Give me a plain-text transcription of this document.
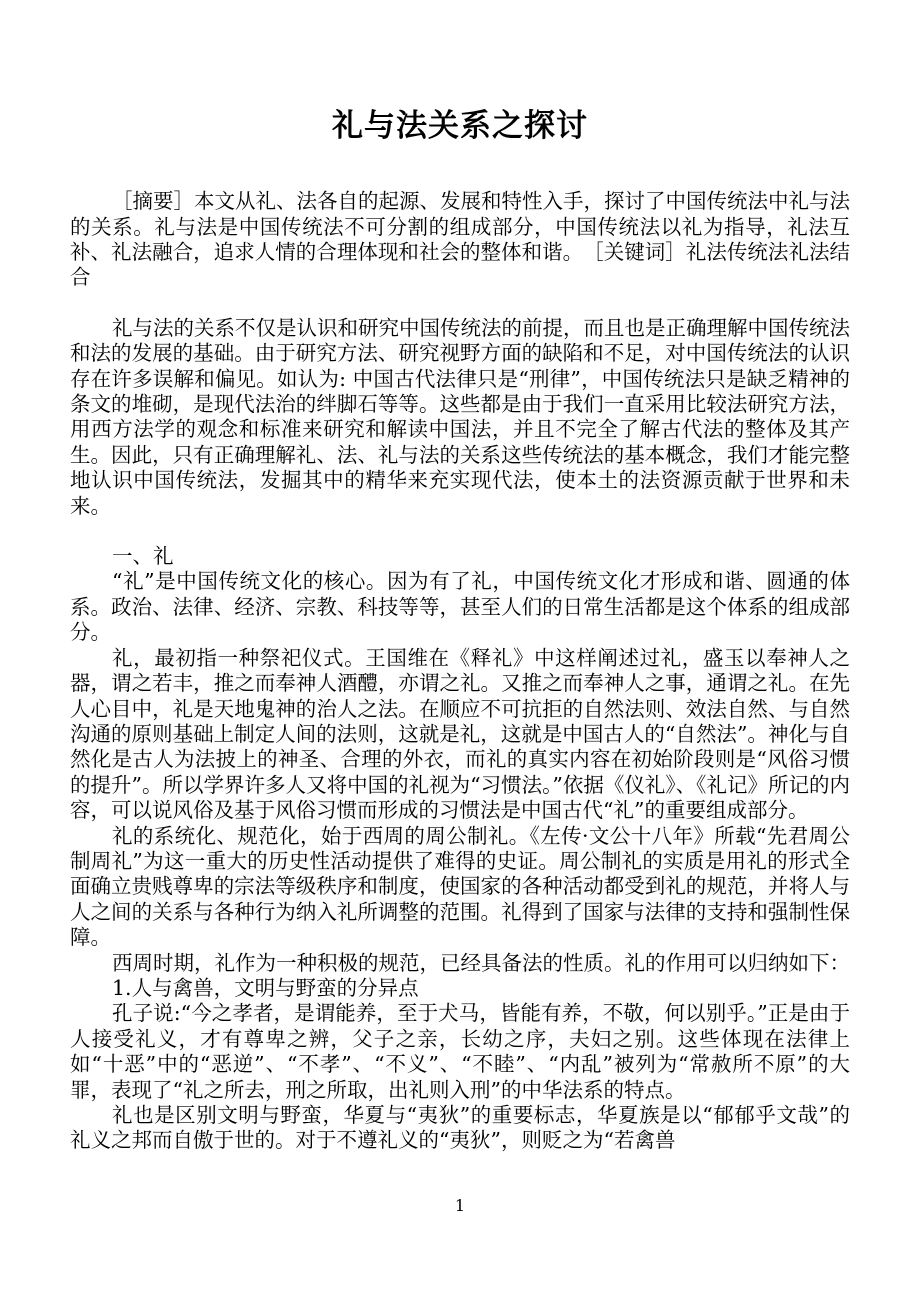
礼与法关系之探讨

［摘要］本文从礼、法各自的起源、发展和特性入手，探讨了中国传统法中礼与法的关系。礼与法是中国传统法不可分割的组成部分，中国传统法以礼为指导，礼法互补、礼法融合，追求人情的合理体现和社会的整体和谐。　［关键词］礼法传统法礼法结合

礼与法的关系不仅是认识和研究中国传统法的前提，而且也是正确理解中国传统法和法的发展的基础。由于研究方法、研究视野方面的缺陷和不足，对中国传统法的认识存在许多误解和偏见。如认为: 中国古代法律只是“刑律”，中国传统法只是缺乏精神的条文的堆砌，是现代法治的绊脚石等等。这些都是由于我们一直采用比较法研究方法，用西方法学的观念和标准来研究和解读中国法，并且不完全了解古代法的整体及其产生。因此，只有正确理解礼、法、礼与法的关系这些传统法的基本概念，我们才能完整地认识中国传统法，发掘其中的精华来充实现代法，使本土的法资源贡献于世界和未来。

一、礼

“礼”是中国传统文化的核心。因为有了礼，中国传统文化才形成和谐、圆通的体系。政治、法律、经济、宗教、科技等等，甚至人们的日常生活都是这个体系的组成部分。

礼，最初指一种祭祀仪式。王国维在《释礼》中这样阐述过礼，盛玉以奉神人之器，谓之若丰，推之而奉神人酒醴，亦谓之礼。又推之而奉神人之事，通谓之礼。在先人心目中，礼是天地鬼神的治人之法。在顺应不可抗拒的自然法则、效法自然、与自然沟通的原则基础上制定人间的法则，这就是礼，这就是中国古人的“自然法”。神化与自然化是古人为法披上的神圣、合理的外衣，而礼的真实内容在初始阶段则是“风俗习惯的提升”。所以学界许多人又将中国的礼视为“习惯法。”依据《仪礼》、《礼记》所记的内容，可以说风俗及基于风俗习惯而形成的习惯法是中国古代“礼”的重要组成部分。

礼的系统化、规范化，始于西周的周公制礼。《左传·文公十八年》所载“先君周公制周礼”为这一重大的历史性活动提供了难得的史证。周公制礼的实质是用礼的形式全面确立贵贱尊卑的宗法等级秩序和制度，使国家的各种活动都受到礼的规范，并将人与人之间的关系与各种行为纳入礼所调整的范围。礼得到了国家与法律的支持和强制性保障。

西周时期，礼作为一种积极的规范，已经具备法的性质。礼的作用可以归纳如下：

1.人与禽兽，文明与野蛮的分异点

孔子说:“今之孝者，是谓能养，至于犬马，皆能有养，不敬，何以别乎。”正是由于人接受礼义，才有尊卑之辨，父子之亲，长幼之序，夫妇之别。这些体现在法律上如“十恶”中的“恶逆”、“不孝”、“不义”、“不睦”、“内乱”被列为“常赦所不原”的大罪，表现了“礼之所去，刑之所取，出礼则入刑”的中华法系的特点。

礼也是区别文明与野蛮，华夏与“夷狄”的重要标志，华夏族是以“郁郁乎文哉”的礼义之邦而自傲于世的。对于不遵礼义的“夷狄”，则贬之为“若禽兽

1
